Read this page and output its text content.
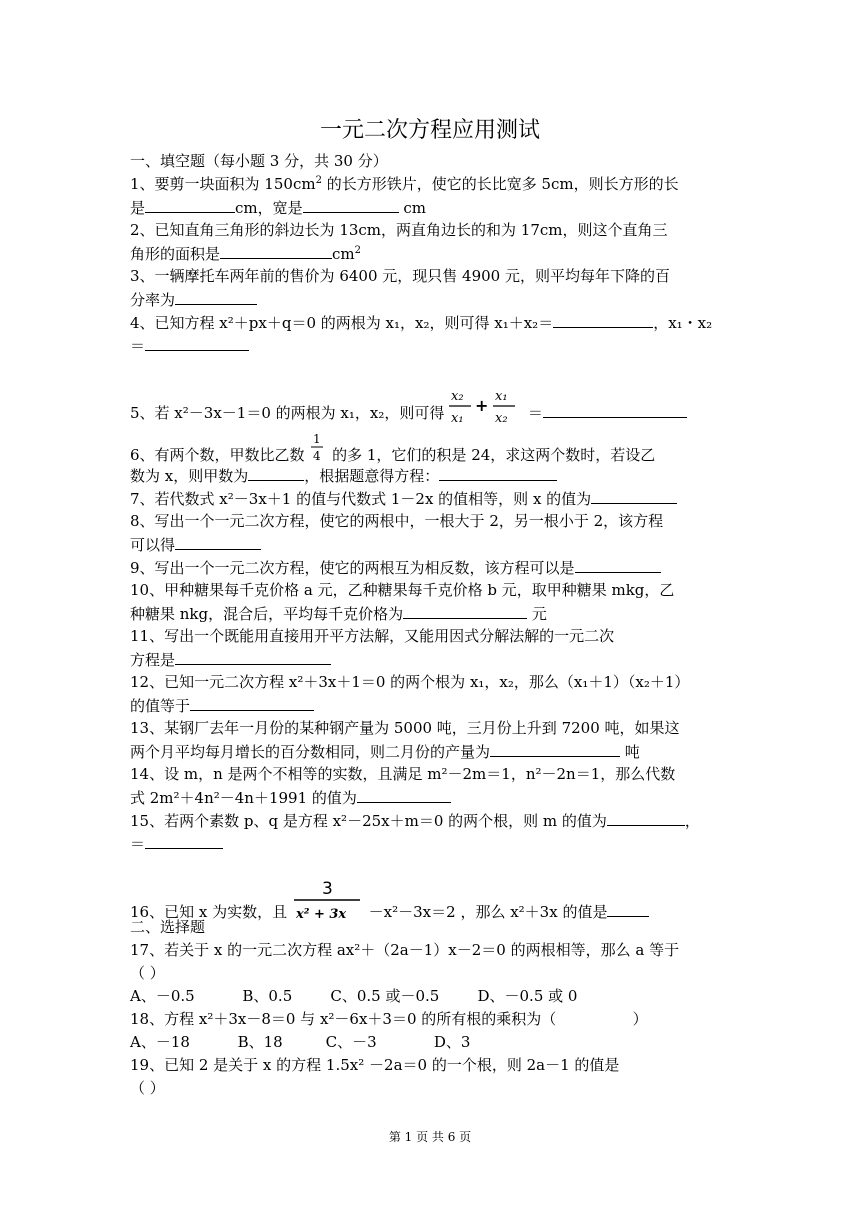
一元二次方程应用测试
一、填空题（每小题 3 分，共 30 分）
1、要剪一块面积为 $150cm^2$ 的长方形铁片，使它的长比宽多 5cm，则长方形的长
是	cm，宽是	cm
2、已知直角三角形的斜边长为 13cm，两直角边长的和为 17cm，则这个直角三
角形的面积是	$cm^2$
3、一辆摩托车两年前的售价为 6400 元，现只售 4900 元，则平均每年下降的百
分率为
4、已知方程 x²＋px＋q＝0 的两根为 x₁，x₂，则可得 x₁＋x₂＝	，x₁・x₂
＝
5、若 x²－3x－1＝0 的两根为 x₁，x₂，则可得
x₂
x₁
+ x₁
x₂ ＝
6、有两个数，甲数比乙数
1
4 的多 1，它们的积是 24，求这两个数时，若设乙
数为 x，则甲数为	，根据题意得方程：
7、若代数式 x²－3x＋1 的值与代数式 1－2x 的值相等，则 x 的值为
8、写出一个一元二次方程，使它的两根中，一根大于 2，另一根小于 2，该方程
可以得
9、写出一个一元二次方程，使它的两根互为相反数，该方程可以是
10、甲种糖果每千克价格 a 元，乙种糖果每千克价格 b 元，取甲种糖果 mkg，乙
种糖果 nkg，混合后，平均每千克价格为	元
11、写出一个既能用直接用开平方法解，又能用因式分解法解的一元二次
方程是
12、已知一元二次方程 x²＋3x＋1＝0 的两个根为 x₁，x₂，那么（x₁＋1）（x₂＋1）
的值等于
13、某钢厂去年一月份的某种钢产量为 5000 吨，三月份上升到 7200 吨，如果这
两个月平均每月增长的百分数相同，则二月份的产量为	吨
14、设 m，n 是两个不相等的实数，且满足 m²－2m＝1，n²－2n＝1，那么代数
式 2m²＋4n²－4n＋1991 的值为
15、若两个素数 p、q 是方程 x²－25x＋m＝0 的两个根，则 m 的值为	，
＝
16、已知 x 为实数，且
3
x² + 3x －x²－3x＝2 ，那么 x²＋3x 的值是
二、选择题
17、若关于 x 的一元二次方程 ax²＋（2a－1）x－2＝0 的两根相等，那么 a 等于
（ ）
A、－0.5          B、0.5        C、0.5 或－0.5        D、－0.5 或 0
18、方程 x²＋3x－8＝0 与 x²－6x＋3＝0 的所有根的乘积为（                ）
A、－18          B、18         C、－3            D、3
19、已知 2 是关于 x 的方程 1.5x² －2a＝0 的一个根，则 2a－1 的值是
（ ）
第 1 页 共 6 页
